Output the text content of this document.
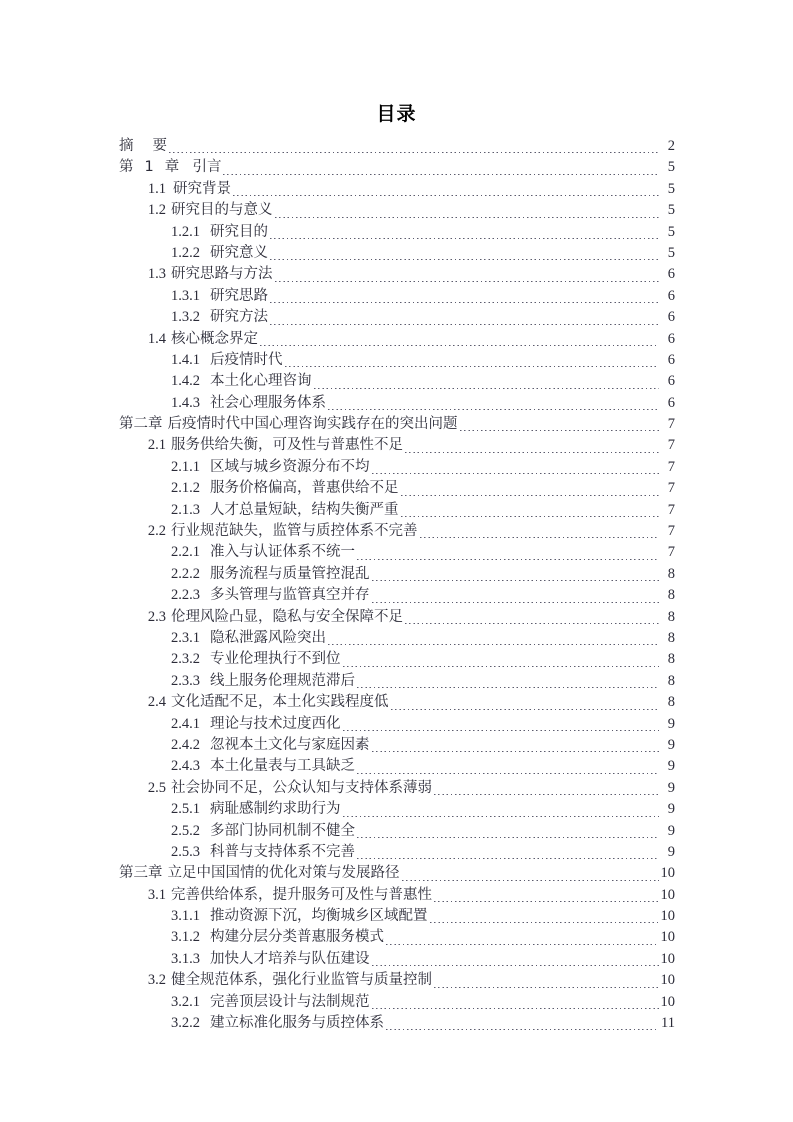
目录
摘 要	2
第 1 章 引言	5
1.1 研究背景	5
1.2 研究目的与意义	5
1.2.1 研究目的	5
1.2.2 研究意义	5
1.3 研究思路与方法	6
1.3.1 研究思路	6
1.3.2 研究方法	6
1.4 核心概念界定	6
1.4.1 后疫情时代	6
1.4.2 本土化心理咨询	6
1.4.3 社会心理服务体系	6
第二章 后疫情时代中国心理咨询实践存在的突出问题	7
2.1 服务供给失衡，可及性与普惠性不足	7
2.1.1 区域与城乡资源分布不均	7
2.1.2 服务价格偏高，普惠供给不足	7
2.1.3 人才总量短缺，结构失衡严重	7
2.2 行业规范缺失，监管与质控体系不完善	7
2.2.1 准入与认证体系不统一	7
2.2.2 服务流程与质量管控混乱	8
2.2.3 多头管理与监管真空并存	8
2.3 伦理风险凸显，隐私与安全保障不足	8
2.3.1 隐私泄露风险突出	8
2.3.2 专业伦理执行不到位	8
2.3.3 线上服务伦理规范滞后	8
2.4 文化适配不足，本土化实践程度低	8
2.4.1 理论与技术过度西化	9
2.4.2 忽视本土文化与家庭因素	9
2.4.3 本土化量表与工具缺乏	9
2.5 社会协同不足，公众认知与支持体系薄弱	9
2.5.1 病耻感制约求助行为	9
2.5.2 多部门协同机制不健全	9
2.5.3 科普与支持体系不完善	9
第三章 立足中国国情的优化对策与发展路径	10
3.1 完善供给体系，提升服务可及性与普惠性	10
3.1.1 推动资源下沉，均衡城乡区域配置	10
3.1.2 构建分层分类普惠服务模式	10
3.1.3 加快人才培养与队伍建设	10
3.2 健全规范体系，强化行业监管与质量控制	10
3.2.1 完善顶层设计与法制规范	10
3.2.2 建立标准化服务与质控体系	11
